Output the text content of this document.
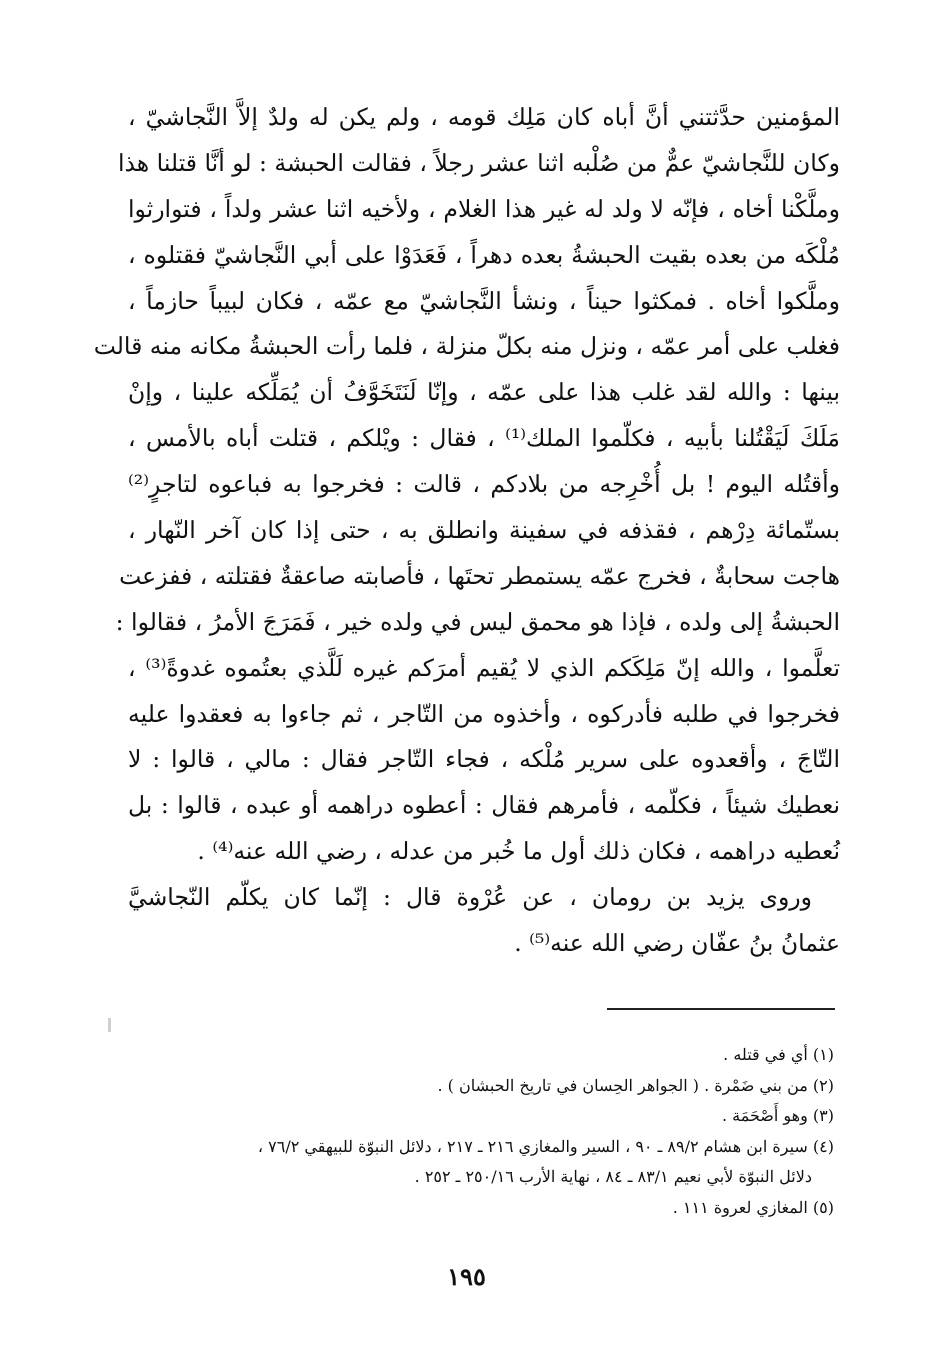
المؤمنين حدَّثتني أنَّ أباه كان مَلِك قومه ، ولم يكن له ولدٌ إلاَّ النَّجاشيّ ،
وكان للنَّجاشيّ عمٌّ من صُلْبه اثنا عشر رجلاً ، فقالت الحبشة : لو أنَّا قتلنا هذا
وملَّكْنا أخاه ، فإنّه لا ولد له غير هذا الغلام ، ولأخيه اثنا عشر ولداً ، فتوارثوا
مُلْكَه من بعده بقيت الحبشةُ بعده دهراً ، فَعَدَوْا على أبي النَّجاشيّ فقتلوه ،
وملَّكوا أخاه . فمكثوا حيناً ، ونشأ النَّجاشيّ مع عمّه ، فكان لبيباً حازماً ،
فغلب على أمر عمّه ، ونزل منه بكلّ منزلة ، فلما رأت الحبشةُ مكانه منه قالت
بينها : والله لقد غلب هذا على عمّه ، وإنّا لَنَتَخَوَّفُ أن يُمَلِّكه علينا ، وإنْ
مَلَكَ لَيَقْتُلنا بأبيه ، فكلّموا الملك⁽¹⁾ ، فقال : ويْلكم ، قتلت أباه بالأمس ،
وأقتُله اليوم ! بل أُخْرِجه من بلادكم ، قالت : فخرجوا به فباعوه لتاجرٍ⁽²⁾
بستّمائة دِرْهم ، فقذفه في سفينة وانطلق به ، حتى إذا كان آخر النّهار ،
هاجت سحابةٌ ، فخرج عمّه يستمطر تحتَها ، فأصابته صاعقةٌ فقتلته ، ففزعت
الحبشةُ إلى ولده ، فإذا هو محمق ليس في ولده خير ، فَمَرَجَ الأمرُ ، فقالوا :
تعلَّموا ، والله إنّ مَلِكَكم الذي لا يُقيم أمرَكم غيره لَلَّذي بعتُموه غدوةً⁽³⁾ ،
فخرجوا في طلبه فأدركوه ، وأخذوه من التّاجر ، ثم جاءوا به فعقدوا عليه
التّاجَ ، وأقعدوه على سرير مُلْكه ، فجاء التّاجر فقال : مالي ، قالوا : لا
نعطيك شيئاً ، فكلّمه ، فأمرهم فقال : أعطوه دراهمه أو عبده ، قالوا : بل
نُعطيه دراهمه ، فكان ذلك أول ما خُبر من عدله ، رضي الله عنه⁽⁴⁾ .
وروى يزيد بن رومان ، عن عُرْوة قال : إنّما كان يكلّم النّجاشيَّ
عثمانُ بنُ عفّان رضي الله عنه⁽⁵⁾ .
(١) أي في قتله .
(٢) من بني ضَمْرة . ( الجواهر الحِسان في تاريخ الحبشان ) .
(٣) وهو أَصْحَمَة .
(٤) سيرة ابن هشام ٨٩/٢ ـ ٩٠ ، السير والمغازي ٢١٦ ـ ٢١٧ ، دلائل النبوّة للبيهقي ٧٦/٢ ،
دلائل النبوّة لأبي نعيم ٨٣/١ ـ ٨٤ ، نهاية الأرب ٢٥٠/١٦ ـ ٢٥٢ .
(٥) المغازي لعروة ١١١ .
١٩٥
